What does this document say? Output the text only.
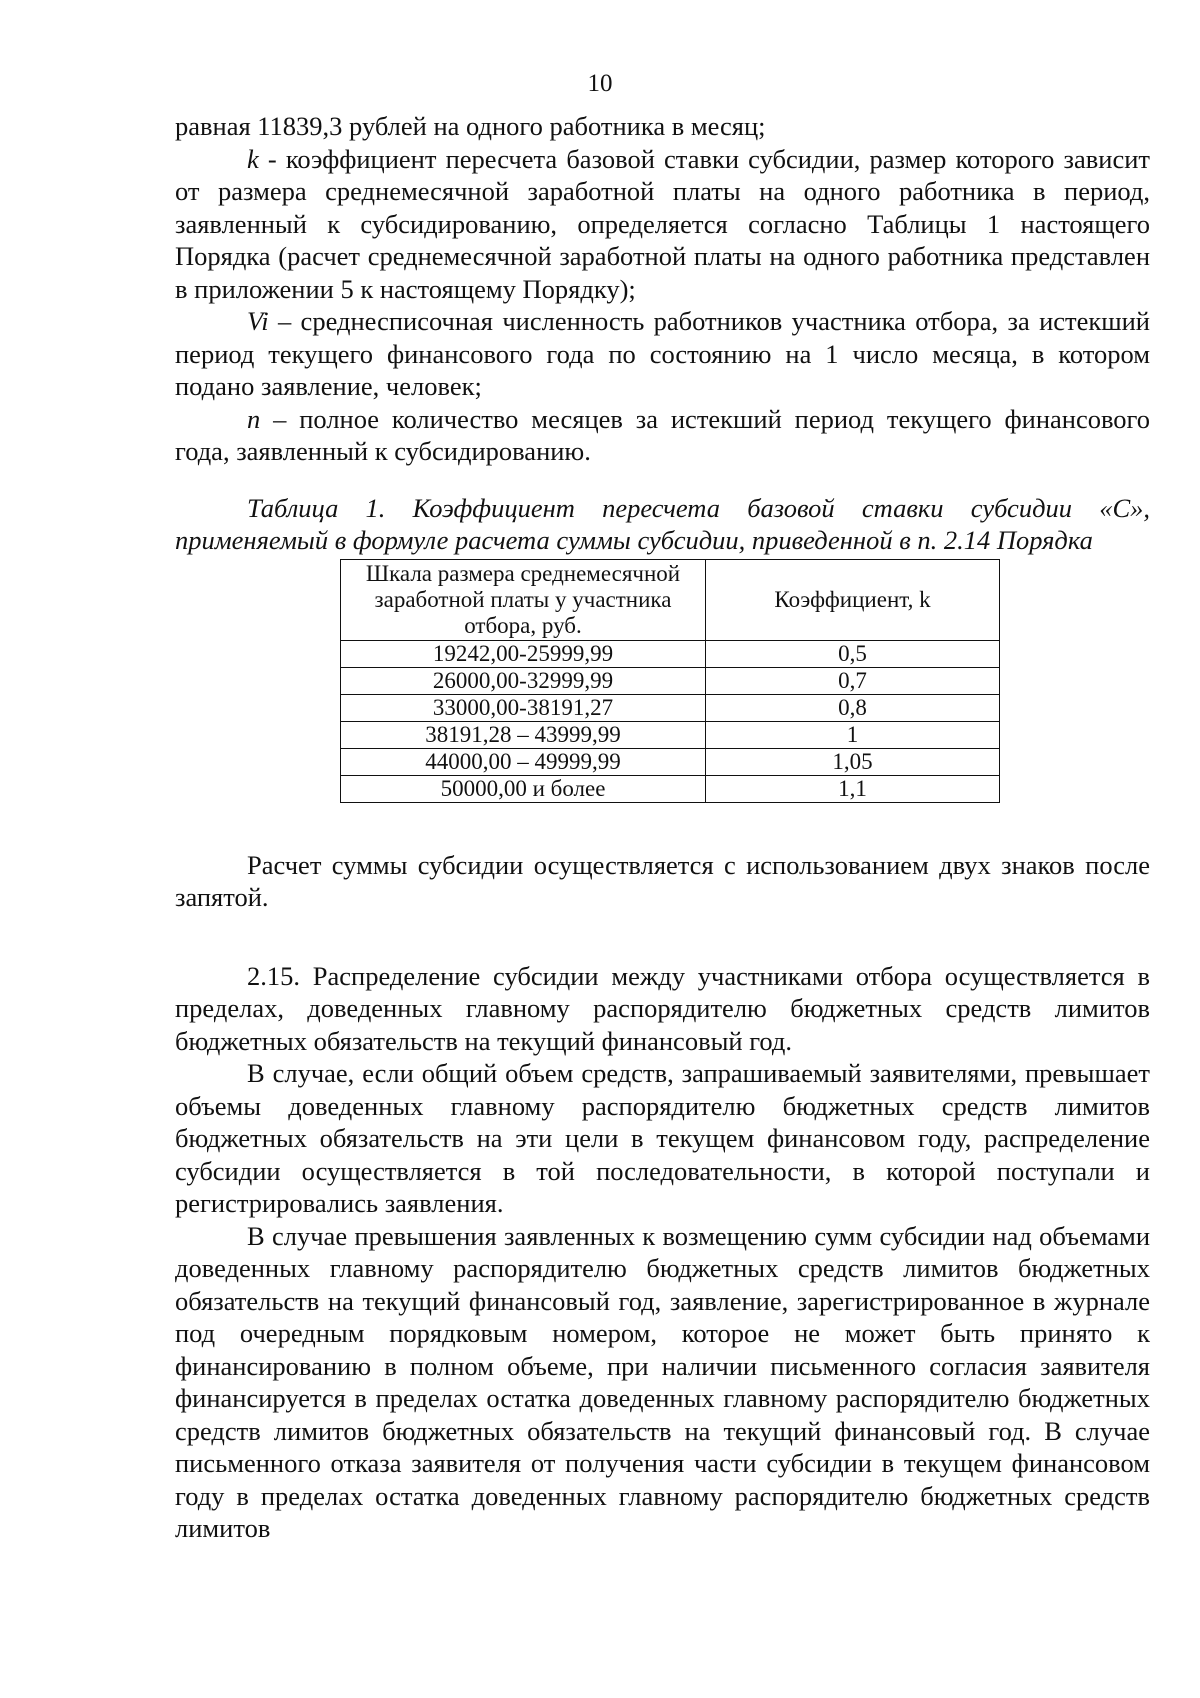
10

равная 11839,3 рублей на одного работника в месяц;

k - коэффициент пересчета базовой ставки субсидии, размер которого зависит от размера среднемесячной заработной платы на одного работника в период, заявленный к субсидированию, определяется согласно Таблицы 1 настоящего Порядка (расчет среднемесячной заработной платы на одного работника представлен в приложении 5 к настоящему Порядку);

Vi – среднесписочная численность работников участника отбора, за истекший период текущего финансового года по состоянию на 1 число месяца, в котором подано заявление, человек;

n – полное количество месяцев за истекший период текущего финансового года, заявленный к субсидированию.

Таблица 1. Коэффициент пересчета базовой ставки субсидии «С», применяемый в формуле расчета суммы субсидии, приведенной в п. 2.14 Порядка

Шкала размера среднемесячной заработной платы у участника отбора, руб.	Коэффициент, k
19242,00-25999,99	0,5
26000,00-32999,99	0,7
33000,00-38191,27	0,8
38191,28 – 43999,99	1
44000,00 – 49999,99	1,05
50000,00 и более	1,1

Расчет суммы субсидии осуществляется с использованием двух знаков после запятой.

2.15. Распределение субсидии между участниками отбора осуществляется в пределах, доведенных главному распорядителю бюджетных средств лимитов бюджетных обязательств на текущий финансовый год.

В случае, если общий объем средств, запрашиваемый заявителями, превышает объемы доведенных главному распорядителю бюджетных средств лимитов бюджетных обязательств на эти цели в текущем финансовом году, распределение субсидии осуществляется в той последовательности, в которой поступали и регистрировались заявления.

В случае превышения заявленных к возмещению сумм субсидии над объемами доведенных главному распорядителю бюджетных средств лимитов бюджетных обязательств на текущий финансовый год, заявление, зарегистрированное в журнале под очередным порядковым номером, которое не может быть принято к финансированию в полном объеме, при наличии письменного согласия заявителя финансируется в пределах остатка доведенных главному распорядителю бюджетных средств лимитов бюджетных обязательств на текущий финансовый год. В случае письменного отказа заявителя от получения части субсидии в текущем финансовом году в пределах остатка доведенных главному распорядителю бюджетных средств лимитов
